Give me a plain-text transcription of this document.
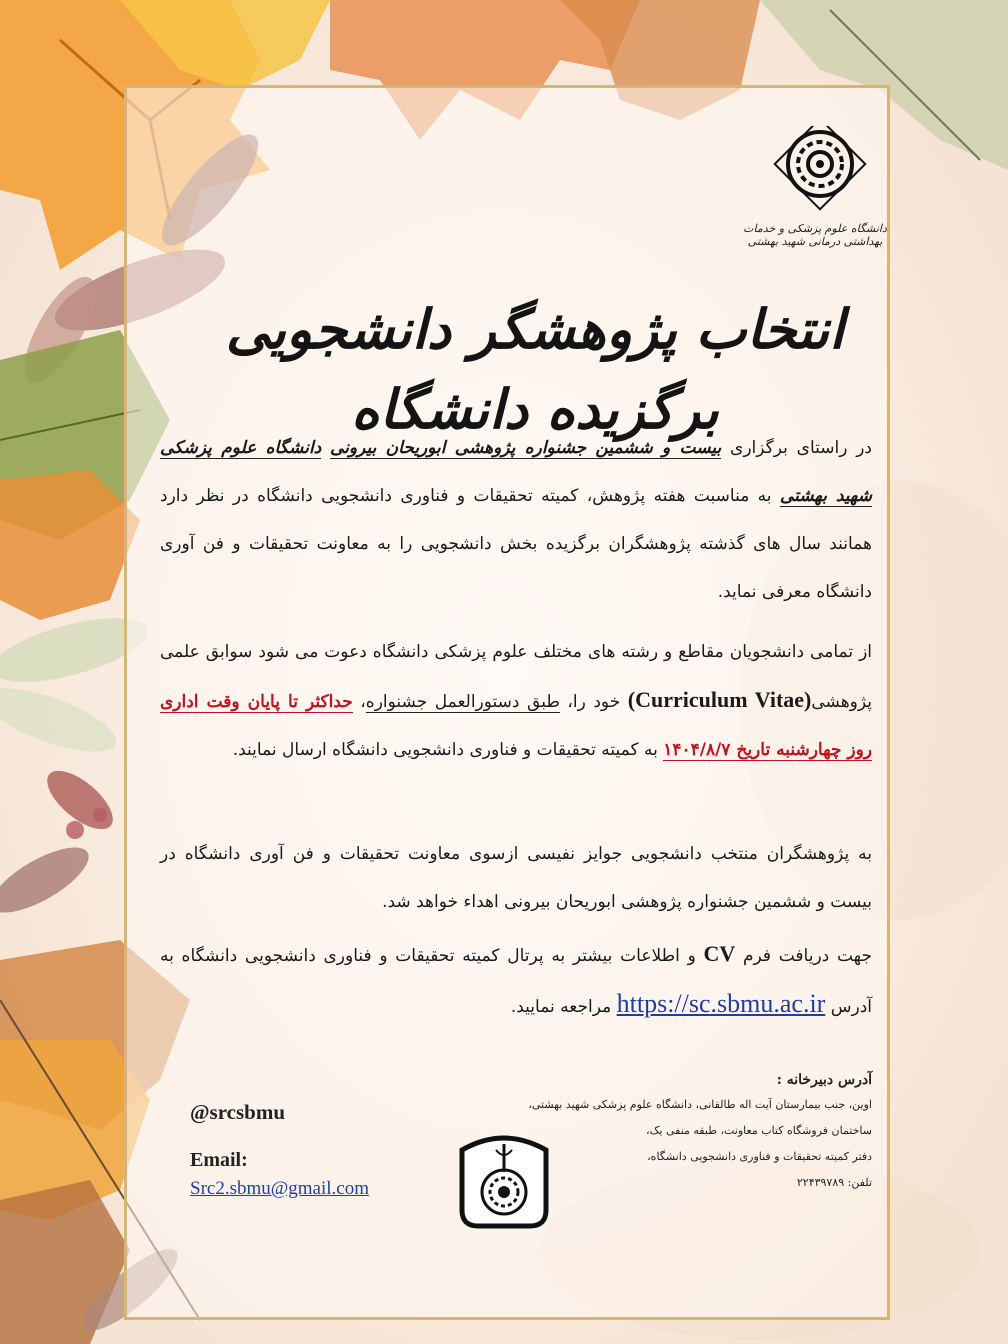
دانشگاه علوم پزشکی و خدمات بهداشتی درمانی شهید بهشتی
انتخاب پژوهشگر دانشجویی برگزیده دانشگاه
در راستای برگزاری بیست و ششمین جشنواره پژوهشی ابوریحان بیرونی دانشگاه علوم پزشکی شهید بهشتی به مناسبت هفته پژوهش، کمیته تحقیقات و فناوری دانشجویی دانشگاه در نظر دارد همانند سال های گذشته پژوهشگران برگزیده بخش دانشجویی را به معاونت تحقیقات و فن آوری دانشگاه معرفی نماید.
از تمامی دانشجویان مقاطع و رشته های مختلف علوم پزشکی دانشگاه دعوت می شود سوابق علمی پژوهشی(Curriculum Vitae) خود را، طبق دستورالعمل جشنواره، حداکثر تا پایان وقت اداری روز چهارشنبه تاریخ ۱۴۰۴/۸/۷ به کمیته تحقیقات و فناوری دانشجویی دانشگاه ارسال نمایند.
به پژوهشگران منتخب دانشجویی جوایز نفیسی ازسوی معاونت تحقیقات و فن آوری دانشگاه در بیست و ششمین جشنواره پژوهشی ابوریحان بیرونی اهداء خواهد شد.
جهت دریافت فرم CV و اطلاعات بیشتر به پرتال کمیته تحقیقات و فناوری دانشجویی دانشگاه به آدرس https://sc.sbmu.ac.ir مراجعه نمایید.
آدرس دبیرخانه :
اوین، جنب بیمارستان آیت اله طالقانی، دانشگاه علوم پزشکی شهید بهشتی،
ساختمان فروشگاه کتاب معاونت، طبقه منفی یک،
دفتر کمیته تحقیقات و فناوری دانشجویی دانشگاه،
تلفن: ۲۲۴۳۹۷۸۹
@srcsbmu
Email:
Src2.sbmu@gmail.com
